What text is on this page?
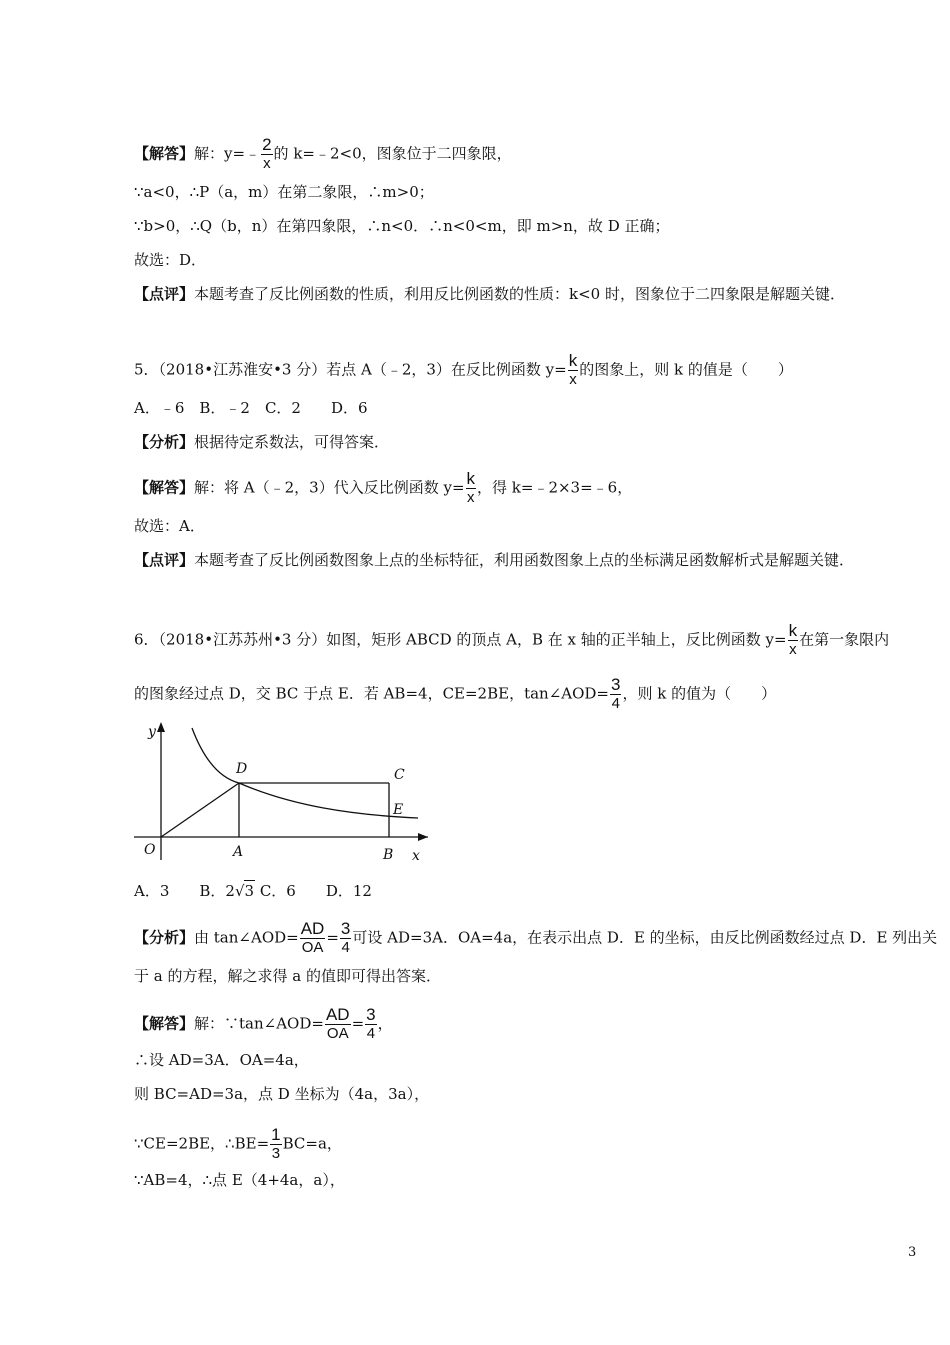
【解答】解：y=﹣ $\frac{2}{x}$ 的 k=﹣2<0，图象位于二四象限，
∵a<0，∴P（a，m）在第二象限，∴m>0；
∵b>0，∴Q（b，n）在第四象限，∴n<0．∴n<0<m，即 m>n，故 D 正确；
故选：D．
【点评】本题考查了反比例函数的性质，利用反比例函数的性质：k<0 时，图象位于二四象限是解题关键．
5．（2018•江苏淮安•3 分）若点 A（﹣2，3）在反比例函数 $y= \frac{k}{x}$ 的图象上，则 k 的值是（　　）
A．﹣6　B．﹣2　C．2　　D．6
【分析】根据待定系数法，可得答案．
【解答】解：将 A（﹣2，3）代入反比例函数 $y= \frac{k}{x}$ ，得 k=﹣2×3=﹣6，
故选：A．
【点评】本题考查了反比例函数图象上点的坐标特征，利用函数图象上点的坐标满足函数解析式是解题关键．
6．（2018•江苏苏州•3 分）如图，矩形 ABCD 的顶点 A，B 在 x 轴的正半轴上，反比例函数 $y= \frac{k}{x}$ 在第一象限内
的图象经过点 D，交 BC 于点 E．若 AB=4，CE=2BE，tan∠AOD= $\frac{3}{4}$ ，则 k 的值为（　　）
y
x
O	A	B
C
D
E
A．3　　B．2√3 C．6　　D．12
【分析】由 tan∠AOD= $\frac{AD}{OA} = \frac{3}{4}$ 可设 AD=3A．OA=4a，在表示出点 D．E 的坐标，由反比例函数经过点 D．E 列出关
于 a 的方程，解之求得 a 的值即可得出答案．
【解答】解：∵tan∠AOD= $\frac{AD}{OA} = \frac{3}{4}$ ，
∴设 AD=3A．OA=4a，
则 BC=AD=3a，点 D 坐标为（4a，3a），
∵CE=2BE，∴BE= $\frac{1}{3} BC=a$，
∵AB=4，∴点 E（4+4a，a），
3
